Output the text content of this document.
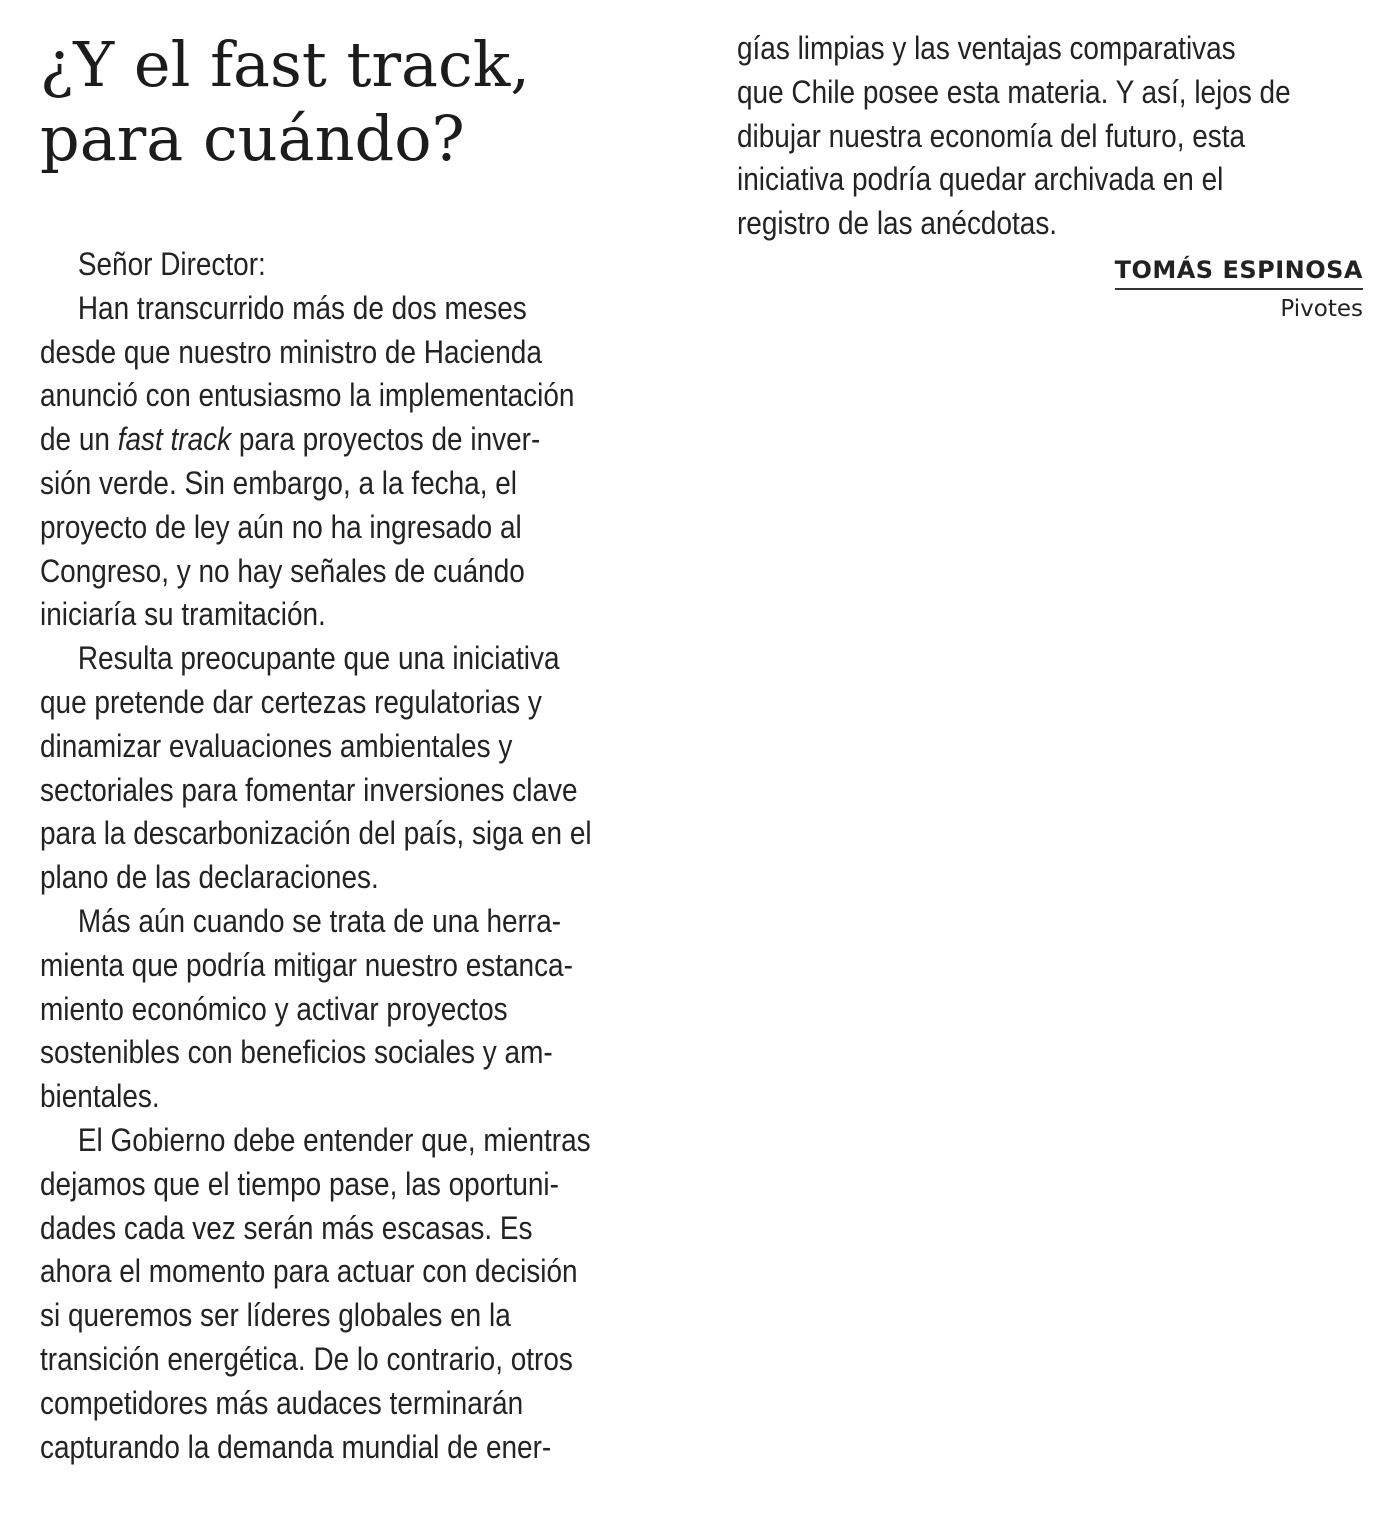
¿Y el fast track,
para cuándo?
Señor Director:
Han transcurrido más de dos meses
desde que nuestro ministro de Hacienda
anunció con entusiasmo la implementación
de un fast track para proyectos de inver-
sión verde. Sin embargo, a la fecha, el
proyecto de ley aún no ha ingresado al
Congreso, y no hay señales de cuándo
iniciaría su tramitación.
Resulta preocupante que una iniciativa
que pretende dar certezas regulatorias y
dinamizar evaluaciones ambientales y
sectoriales para fomentar inversiones clave
para la descarbonización del país, siga en el
plano de las declaraciones.
Más aún cuando se trata de una herra-
mienta que podría mitigar nuestro estanca-
miento económico y activar proyectos
sostenibles con beneficios sociales y am-
bientales.
El Gobierno debe entender que, mientras
dejamos que el tiempo pase, las oportuni-
dades cada vez serán más escasas. Es
ahora el momento para actuar con decisión
si queremos ser líderes globales en la
transición energética. De lo contrario, otros
competidores más audaces terminarán
capturando la demanda mundial de ener-
gías limpias y las ventajas comparativas
que Chile posee esta materia. Y así, lejos de
dibujar nuestra economía del futuro, esta
iniciativa podría quedar archivada en el
registro de las anécdotas.
TOMÁS ESPINOSA
Pivotes
